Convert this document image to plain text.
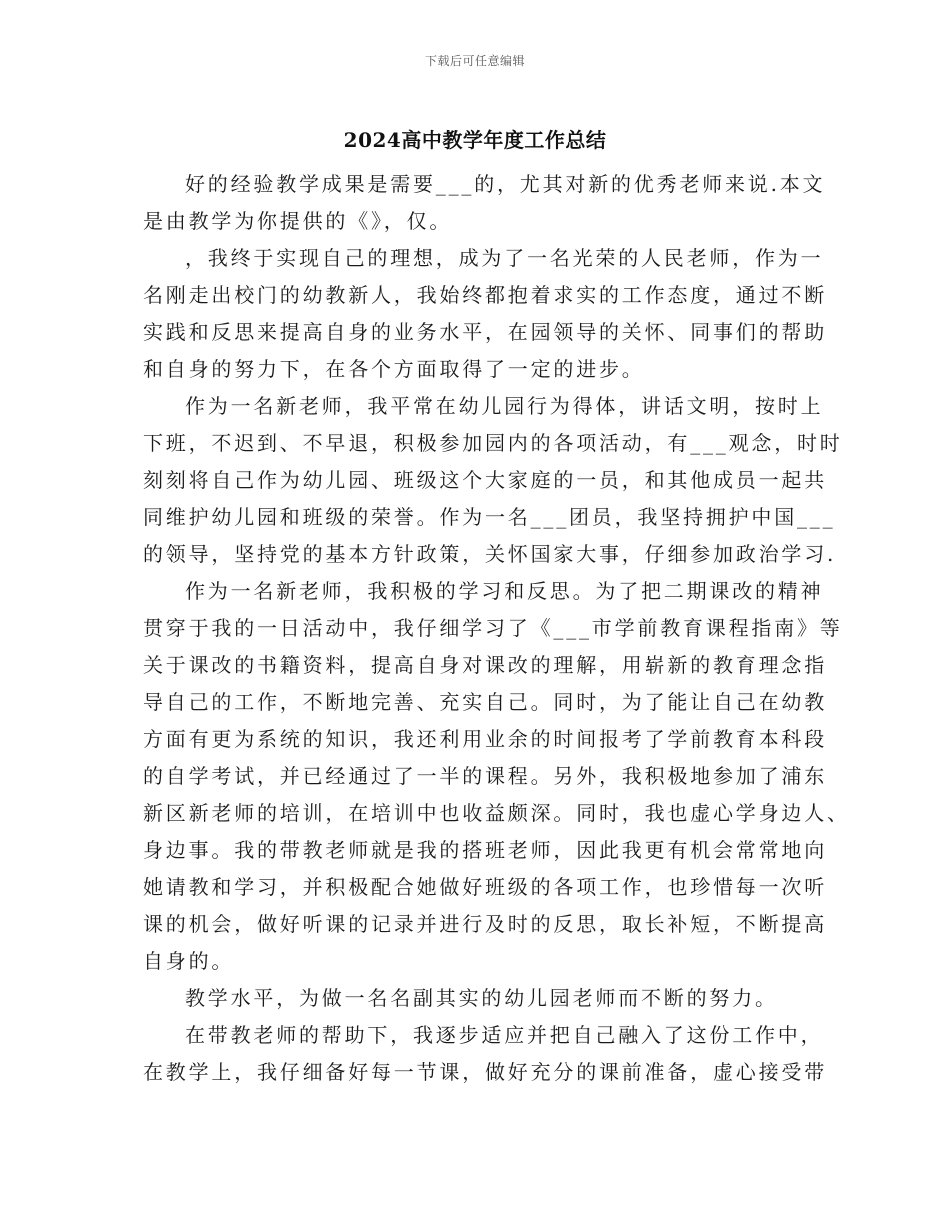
下载后可任意编辑
2024高中教学年度工作总结
好的经验教学成果是需要___的，尤其对新的优秀老师来说.本文
是由教学为你提供的《》，仅。
，我终于实现自己的理想，成为了一名光荣的人民老师，作为一
名刚走出校门的幼教新人，我始终都抱着求实的工作态度，通过不断
实践和反思来提高自身的业务水平，在园领导的关怀、同事们的帮助
和自身的努力下，在各个方面取得了一定的进步。
作为一名新老师，我平常在幼儿园行为得体，讲话文明，按时上
下班，不迟到、不早退，积极参加园内的各项活动，有___观念，时时
刻刻将自己作为幼儿园、班级这个大家庭的一员，和其他成员一起共
同维护幼儿园和班级的荣誉。作为一名___团员，我坚持拥护中国___
的领导，坚持党的基本方针政策，关怀国家大事，仔细参加政治学习.
作为一名新老师，我积极的学习和反思。为了把二期课改的精神
贯穿于我的一日活动中，我仔细学习了《___市学前教育课程指南》等
关于课改的书籍资料，提高自身对课改的理解，用崭新的教育理念指
导自己的工作，不断地完善、充实自己。同时，为了能让自己在幼教
方面有更为系统的知识，我还利用业余的时间报考了学前教育本科段
的自学考试，并已经通过了一半的课程。另外，我积极地参加了浦东
新区新老师的培训，在培训中也收益颇深。同时，我也虚心学身边人、
身边事。我的带教老师就是我的搭班老师，因此我更有机会常常地向
她请教和学习，并积极配合她做好班级的各项工作，也珍惜每一次听
课的机会，做好听课的记录并进行及时的反思，取长补短，不断提高
自身的。
教学水平，为做一名名副其实的幼儿园老师而不断的努力。
在带教老师的帮助下，我逐步适应并把自己融入了这份工作中，
在教学上，我仔细备好每一节课，做好充分的课前准备，虚心接受带
